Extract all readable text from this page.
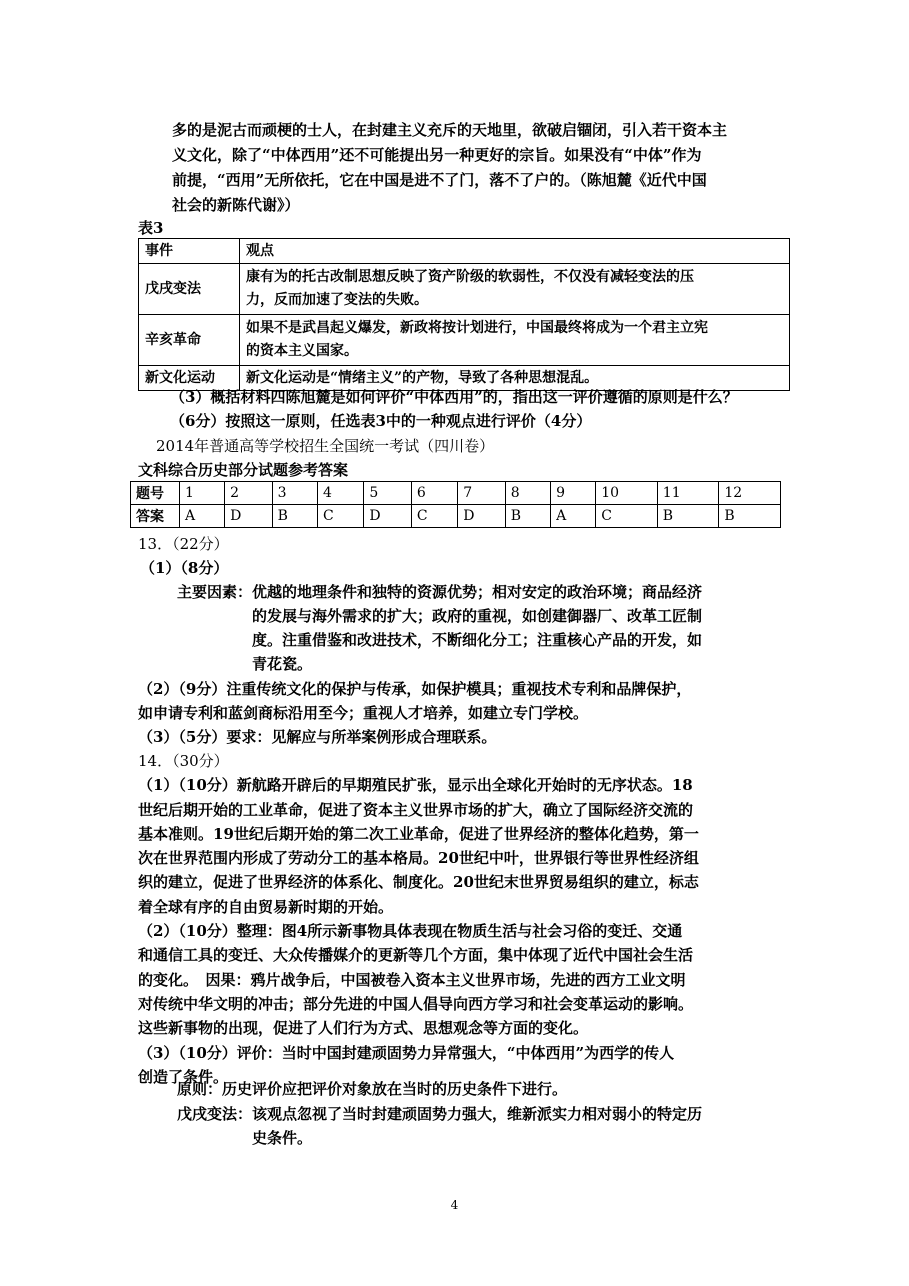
多的是泥古而顽梗的士人，在封建主义充斥的天地里，欲破启锢闭，引入若干资本主

义文化，除了“中体西用”还不可能提出另一种更好的宗旨。如果没有“中体”作为

前提，“西用”无所依托，它在中国是进不了门，落不了户的。（陈旭麓《近代中国

社会的新陈代谢》）

表3
事件	观点
戊戌变法	康有为的托古改制思想反映了资产阶级的软弱性，不仅没有减轻变法的压
力，反而加速了变法的失败。

辛亥革命	如果不是武昌起义爆发，新政将按计划进行，中国最终将成为一个君主立宪
的资本主义国家。

新文化运动	新文化运动是“情绪主义”的产物，导致了各种思想混乱。

（3）概括材料四陈旭麓是如何评价“中体西用”的，指出这一评价遵循的原则是什么？

（6分）按照这一原则，任选表3中的一种观点进行评价（4分）

2014年普通高等学校招生全国统一考试（四川卷）
文科综合历史部分试题参考答案
题号	1	2	3	4	5	6	7	8	9	10	11	12
答案	A	D	B	C	D	C	D	B	A	C	B	B

13．（22分）

（1）（8分）

主要因素： 优越的地理条件和独特的资源优势；相对安定的政治环境；商品经济

的发展与海外需求的扩大；政府的重视，如创建御器厂、改革工匠制

度。注重借鉴和改进技术，不断细化分工；注重核心产品的开发，如

青花瓷。

（2）（9分）注重传统文化的保护与传承，如保护模具；重视技术专利和品牌保护，

如申请专利和蓝剑商标沿用至今；重视人才培养，如建立专门学校。

（3）（5分）要求：见解应与所举案例形成合理联系。

14．（30分）

（1）（10分）新航路开辟后的早期殖民扩张，显示出全球化开始时的无序状态。18

世纪后期开始的工业革命，促进了资本主义世界市场的扩大，确立了国际经济交流的

基本准则。19世纪后期开始的第二次工业革命，促进了世界经济的整体化趋势，第一

次在世界范围内形成了劳动分工的基本格局。20世纪中叶，世界银行等世界性经济组

织的建立，促进了世界经济的体系化、制度化。20世纪末世界贸易组织的建立，标志

着全球有序的自由贸易新时期的开始。

（2）（10分）整理：图4所示新事物具体表现在物质生活与社会习俗的变迁、交通

和通信工具的变迁、大众传播媒介的更新等几个方面，集中体现了近代中国社会生活

的变化。　因果：鸦片战争后，中国被卷入资本主义世界市场，先进的西方工业文明

对传统中华文明的冲击；部分先进的中国人倡导向西方学习和社会变革运动的影响。

这些新事物的出现，促进了人们行为方式、思想观念等方面的变化。

（3）（10分）评价：当时中国封建顽固势力异常强大，“中体西用”为西学的传人

创造了条件。

原则：历史评价应把评价对象放在当时的历史条件下进行。

戊戌变法： 该观点忽视了当时封建顽固势力强大，维新派实力相对弱小的特定历

史条件。

4
